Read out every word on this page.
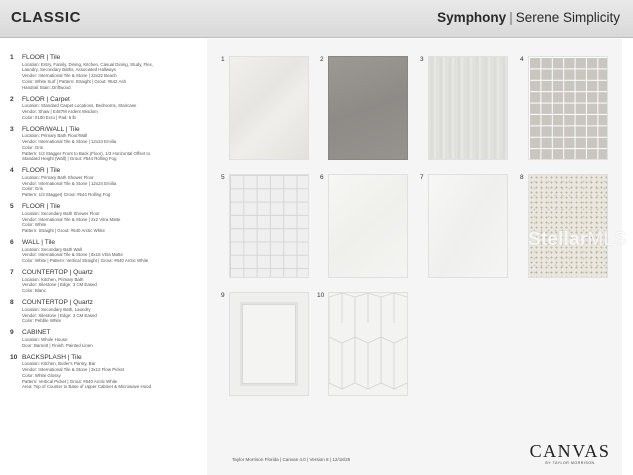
CLASSIC	Symphony | Serene Simplicity
1	FLOOR | Tile
Location: Entry, Family, Dining, Kitchen, Casual Dining, Study, Flex,
Laundry, Secondary Baths, Associated Hallways
Vendor: International Tile & Stone | 22x22 Beach
Color: White Surf | Pattern: Straight | Grout: #642 Ash
Handrail Stain: Driftwood
2	FLOOR | Carpet
Location: Standard Carpet Locations, Bedrooms, Staircase
Vendor: Shaw | E487M Ardent Wisdom
Color: 0100 Ecru | Pad: 6 lb
3	FLOOR/WALL | Tile
Location: Primary Bath Floor/Wall
Vendor: International Tile & Stone | 12x24 Emilia
Color: Gris
Pattern: 1/3 Stagger Front to Back (Floor), 1/3 Horizontal Offset to
Standard Height (Wall) | Grout: #544 Rolling Fog
4	FLOOR | Tile
Location: Primary Bath Shower Floor
Vendor: International Tile & Stone | 12x24 Emilia
Color: Gris
Pattern: 1/3 Stagger| Grout: #544 Rolling Fog
5	FLOOR | Tile
Location: Secondary Bath Shower Floor
Vendor: International Tile & Stone | 2x2 Vitra Matte
Color: White
Pattern: Straight | Grout: #640 Arctic White
6	WALL | Tile
Location: Secondary Bath Wall
Vendor: International Tile & Stone | 8x16 Vitra Matte
Color: White | Pattern: Vertical Straight | Grout: #640 Arctic White
7	COUNTERTOP | Quartz
Location: Kitchen, Primary Bath
Vendor: Silestone | Edge: 3 CM Eased
Color: Blanc
8	COUNTERTOP | Quartz
Location: Secondary Bath, Laundry
Vendor: Silestone | Edge: 3 CM Eased
Color: Pebble White
9	CABINET
Location: Whole House
Door: Barnett | Finish: Painted Linen
10 BACKSPLASH | Tile
Location: Kitchen, Butler's Pantry, Bar
Vendor: International Tile & Stone | 3x12 Flow Picket
Color: White Glossy
Pattern: Vertical Picket | Grout: #640 Arctic White
Area: Top of Counter to Base of Upper Cabinet & Microwave Hood
1	2	3	4
5	6	7	8
9	10
StellarMLS
Taylor Morrison Florida | Canvas 4.0 | Version 8 | 12/18/25	CANVAS
BY TAYLOR MORRISON
